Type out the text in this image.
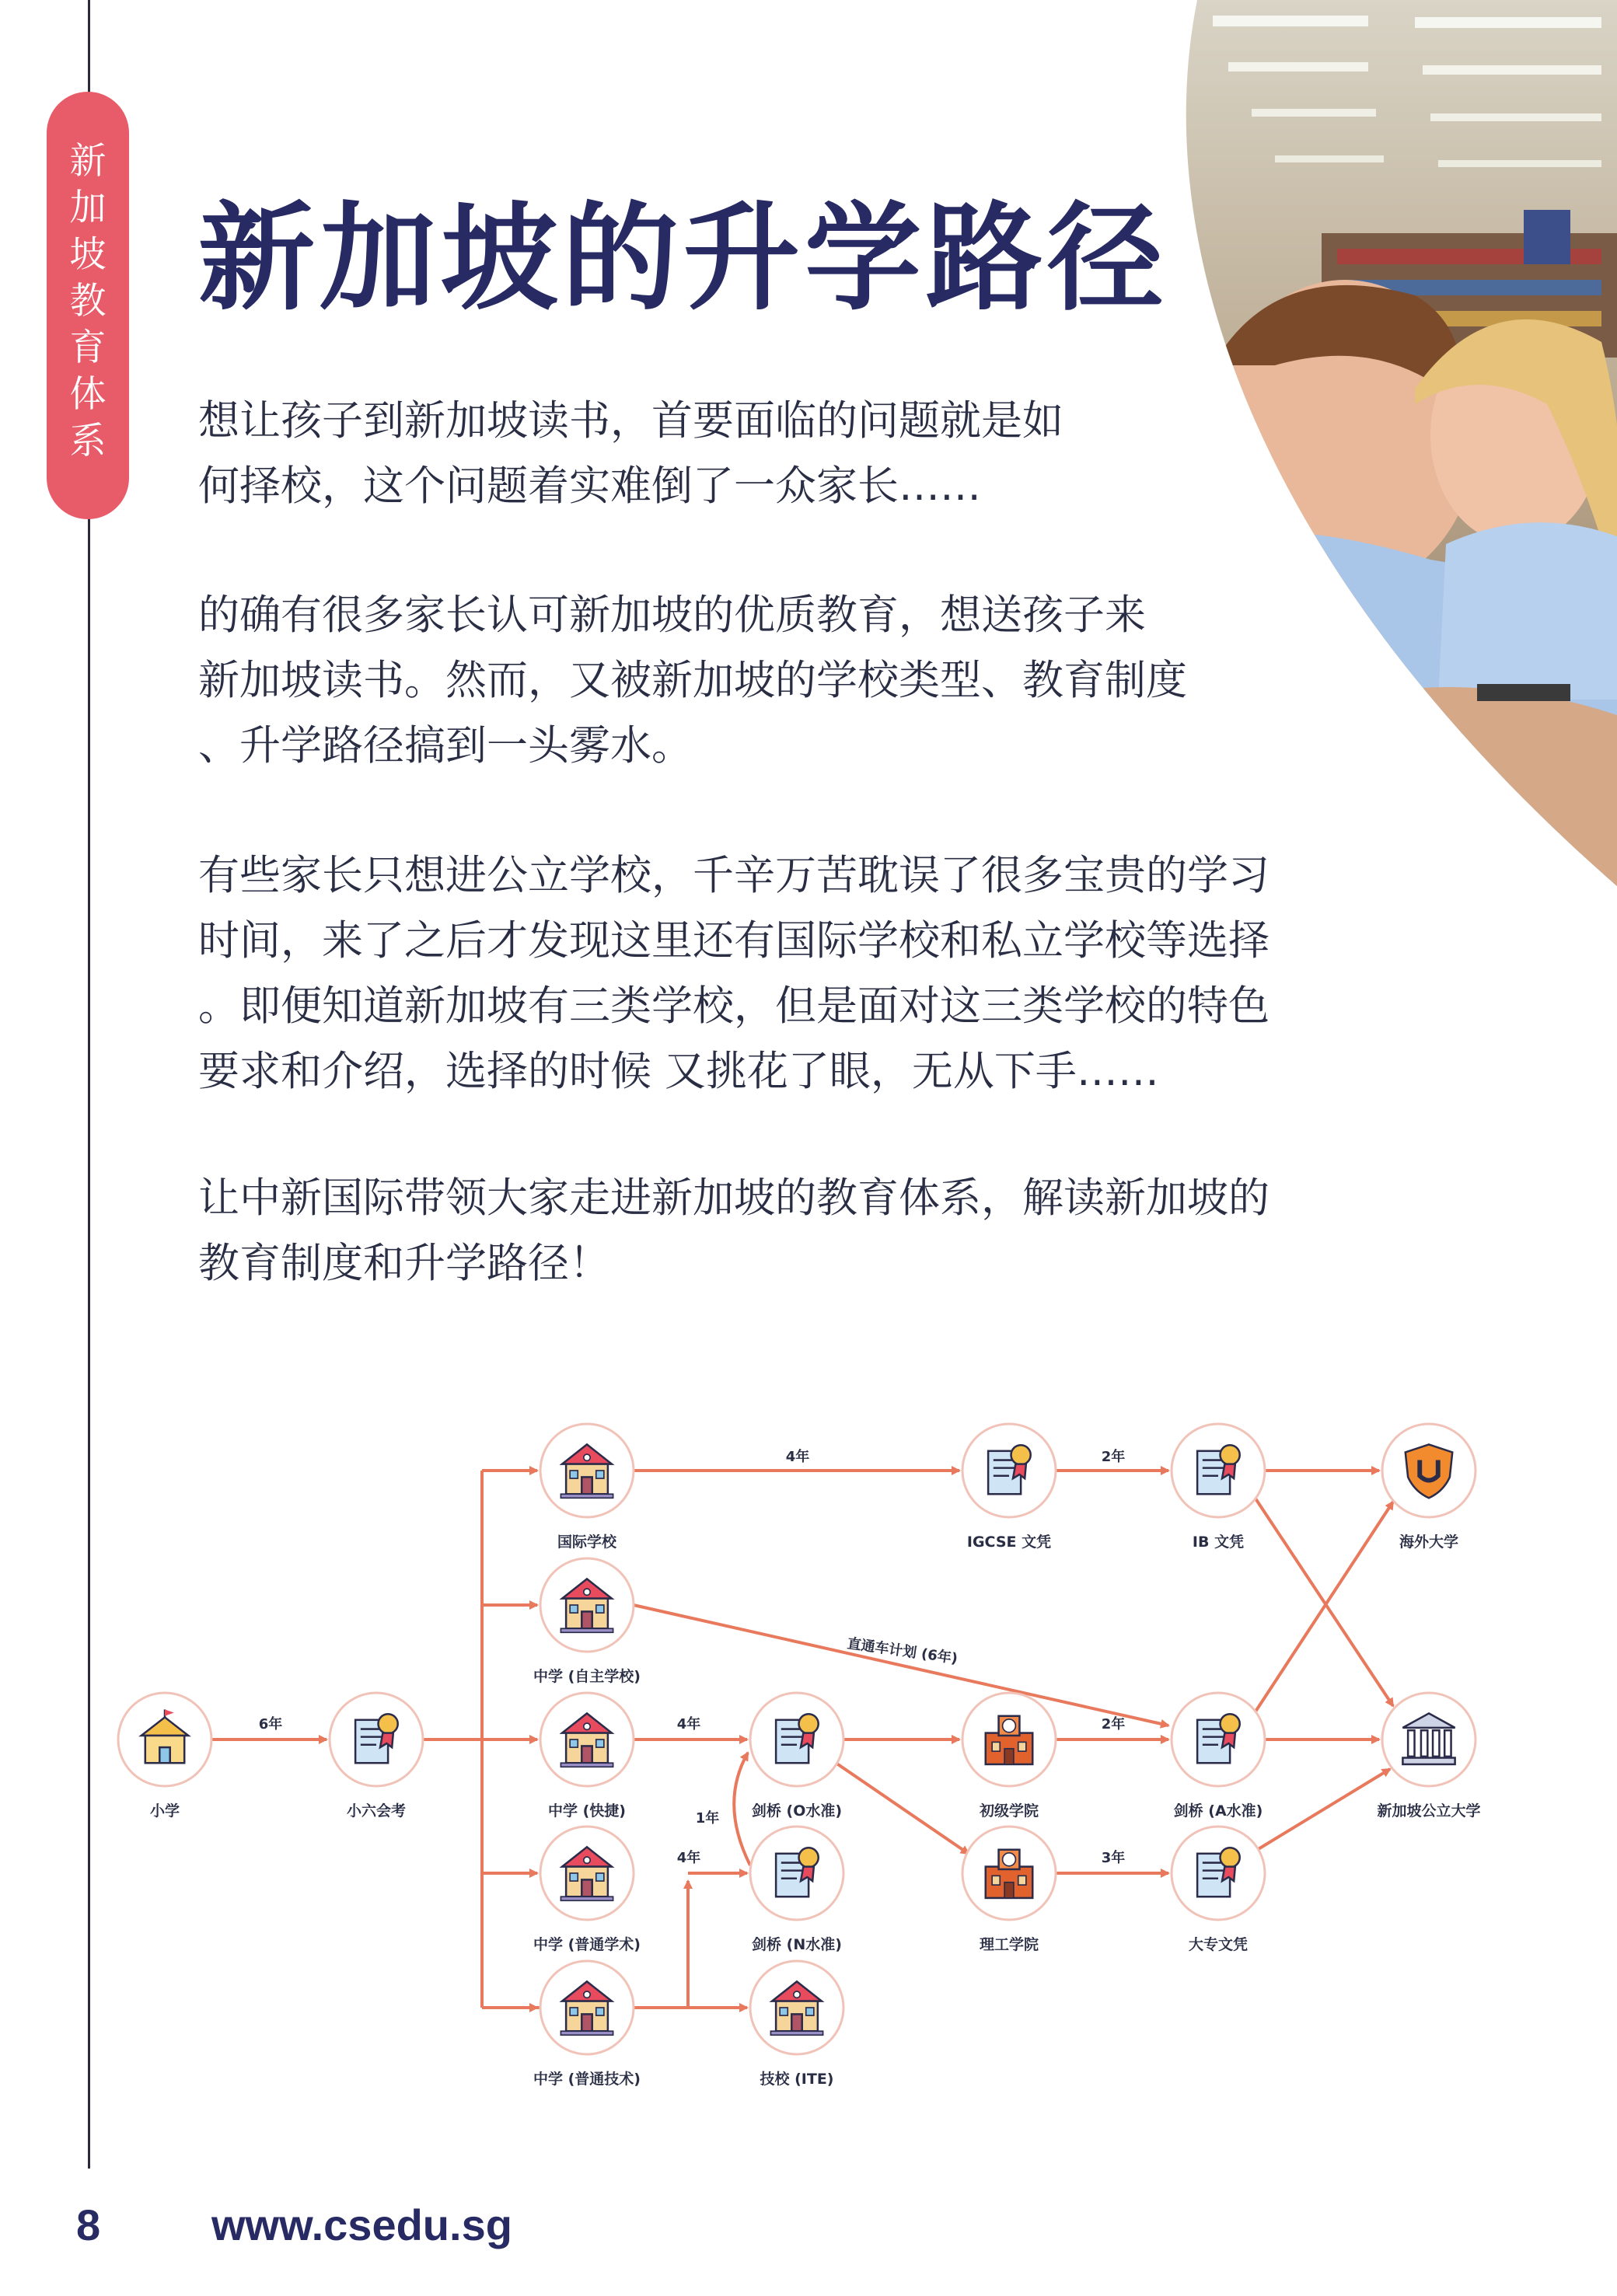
新
加
坡
教
育
体
系
新加坡的升学路径

想让孩子到新加坡读书，首要面临的问题就是如
何择校，这个问题着实难倒了一众家长……

的确有很多家长认可新加坡的优质教育，想送孩子来
新加坡读书。然而，又被新加坡的学校类型、教育制度
、升学路径搞到一头雾水。

有些家长只想进公立学校，千辛万苦耽误了很多宝贵的学习
时间，来了之后才发现这里还有国际学校和私立学校等选择
。即便知道新加坡有三类学校，但是面对这三类学校的特色
要求和介绍，选择的时候 又挑花了眼，无从下手……

让中新国际带领大家走进新加坡的教育体系，解读新加坡的
教育制度和升学路径！

6年
4年	2年
直通车计划 (6年)
4年	2年
3年
4年
1年
小学	小六会考
国际学校
中学 (自主学校)
中学 (快捷)
中学 (普通学术)
中学 (普通技术)
剑桥 (O水准)
剑桥 (N水准)
技校 (ITE)
IGCSE 文凭
初级学院
理工学院
IB 文凭
剑桥 (A水准)
大专文凭
海外大学
新加坡公立大学
8	www.csedu.sg
